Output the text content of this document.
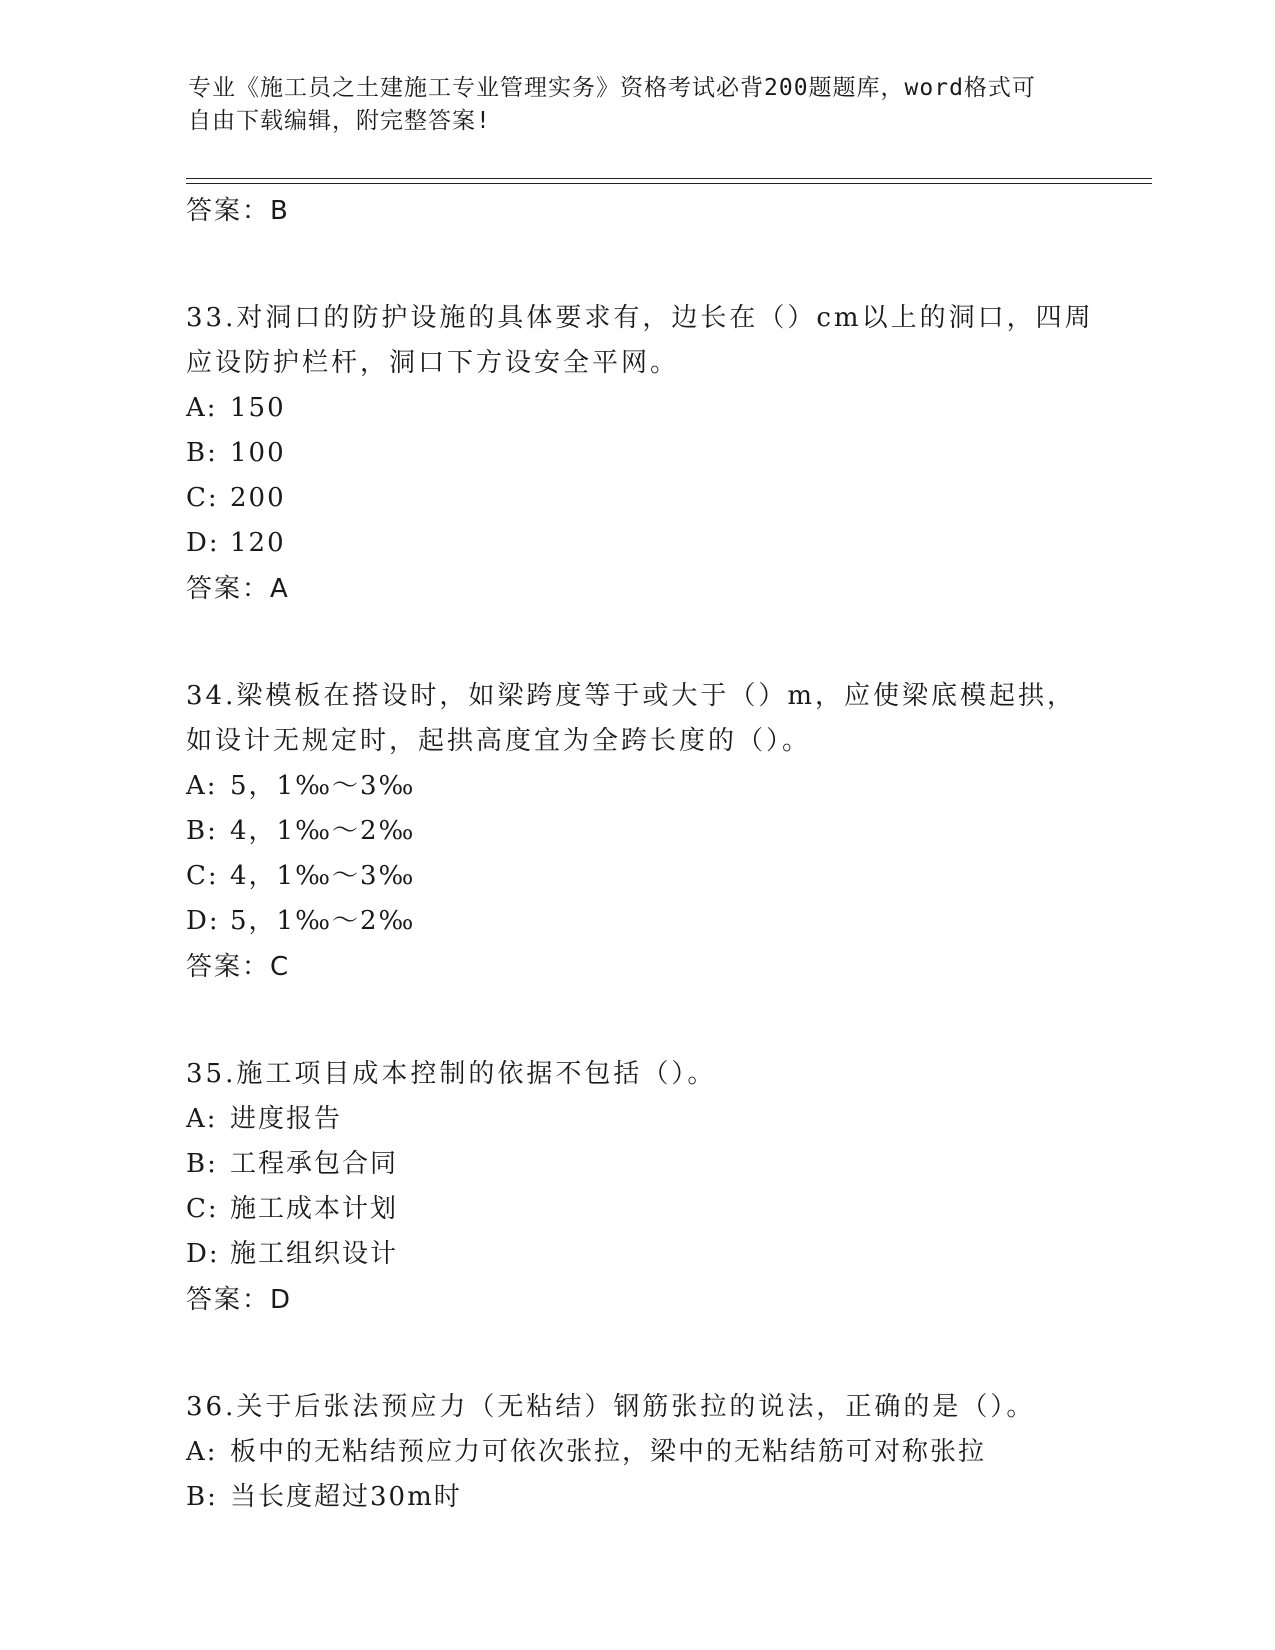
专业《施工员之土建施工专业管理实务》资格考试必背200题题库，word格式可
自由下载编辑，附完整答案!
答案：B
33.对洞口的防护设施的具体要求有，边长在（）cm以上的洞口，四周
应设防护栏杆，洞口下方设安全平网。
A: 150
B: 100
C: 200
D: 120
答案：A
34.梁模板在搭设时，如梁跨度等于或大于（）m，应使梁底模起拱，
如设计无规定时，起拱高度宜为全跨长度的（）。
A: 5，1‰～3‰
B: 4，1‰～2‰
C: 4，1‰～3‰
D: 5，1‰～2‰
答案：C
35.施工项目成本控制的依据不包括（）。
A: 进度报告
B: 工程承包合同
C: 施工成本计划
D: 施工组织设计
答案：D
36.关于后张法预应力（无粘结）钢筋张拉的说法，正确的是（）。
A: 板中的无粘结预应力可依次张拉，梁中的无粘结筋可对称张拉
B: 当长度超过30m时
